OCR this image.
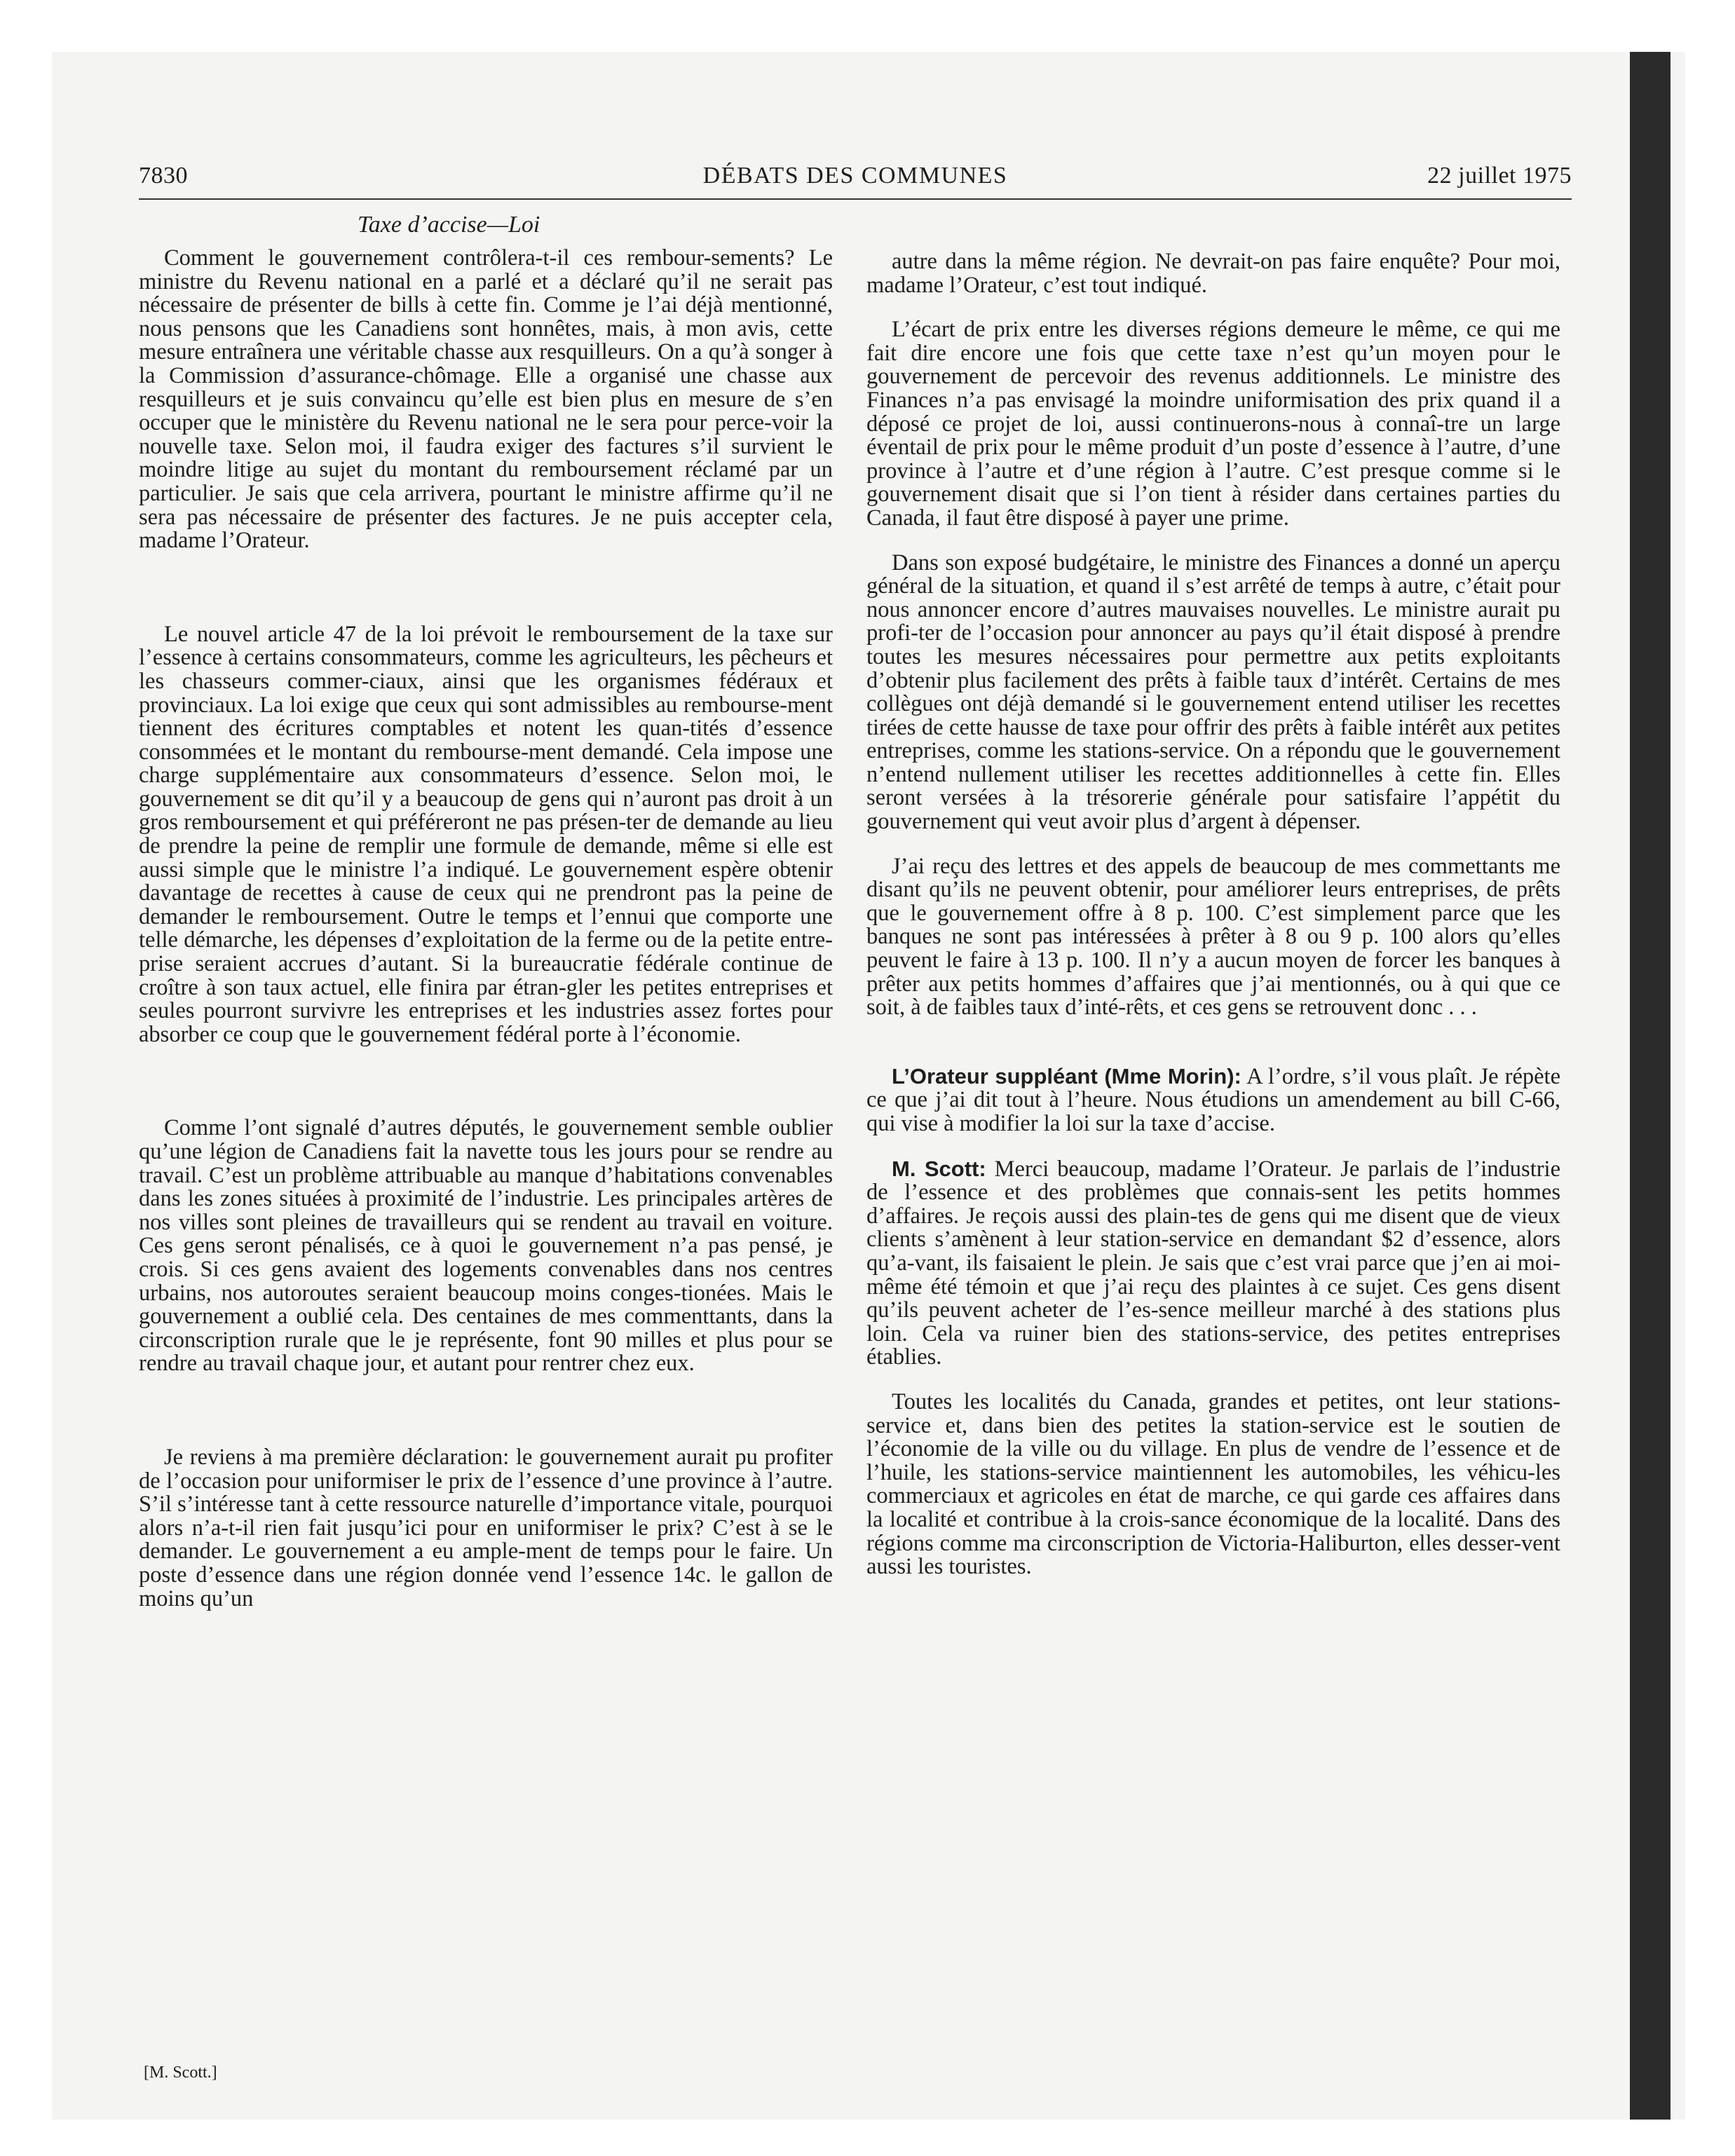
7830	DÉBATS DES COMMUNES	22 juillet 1975
Taxe d’accise—Loi

Comment le gouvernement contrôlera-t-il ces rembour-sements? Le ministre du Revenu national en a parlé et a déclaré qu’il ne serait pas nécessaire de présenter de bills à cette fin. Comme je l’ai déjà mentionné, nous pensons que les Canadiens sont honnêtes, mais, à mon avis, cette mesure entraînera une véritable chasse aux resquilleurs. On a qu’à songer à la Commission d’assurance-chômage. Elle a organisé une chasse aux resquilleurs et je suis convaincu qu’elle est bien plus en mesure de s’en occuper que le ministère du Revenu national ne le sera pour perce-voir la nouvelle taxe. Selon moi, il faudra exiger des factures s’il survient le moindre litige au sujet du montant du remboursement réclamé par un particulier. Je sais que cela arrivera, pourtant le ministre affirme qu’il ne sera pas nécessaire de présenter des factures. Je ne puis accepter cela, madame l’Orateur.

Le nouvel article 47 de la loi prévoit le remboursement de la taxe sur l’essence à certains consommateurs, comme les agriculteurs, les pêcheurs et les chasseurs commer-ciaux, ainsi que les organismes fédéraux et provinciaux. La loi exige que ceux qui sont admissibles au rembourse-ment tiennent des écritures comptables et notent les quan-tités d’essence consommées et le montant du rembourse-ment demandé. Cela impose une charge supplémentaire aux consommateurs d’essence. Selon moi, le gouvernement se dit qu’il y a beaucoup de gens qui n’auront pas droit à un gros remboursement et qui préféreront ne pas présen-ter de demande au lieu de prendre la peine de remplir une formule de demande, même si elle est aussi simple que le ministre l’a indiqué. Le gouvernement espère obtenir davantage de recettes à cause de ceux qui ne prendront pas la peine de demander le remboursement. Outre le temps et l’ennui que comporte une telle démarche, les dépenses d’exploitation de la ferme ou de la petite entre-prise seraient accrues d’autant. Si la bureaucratie fédérale continue de croître à son taux actuel, elle finira par étran-gler les petites entreprises et seules pourront survivre les entreprises et les industries assez fortes pour absorber ce coup que le gouvernement fédéral porte à l’économie.

Comme l’ont signalé d’autres députés, le gouvernement semble oublier qu’une légion de Canadiens fait la navette tous les jours pour se rendre au travail. C’est un problème attribuable au manque d’habitations convenables dans les zones situées à proximité de l’industrie. Les principales artères de nos villes sont pleines de travailleurs qui se rendent au travail en voiture. Ces gens seront pénalisés, ce à quoi le gouvernement n’a pas pensé, je crois. Si ces gens avaient des logements convenables dans nos centres urbains, nos autoroutes seraient beaucoup moins conges-tionées. Mais le gouvernement a oublié cela. Des centaines de mes commenttants, dans la circonscription rurale que le je représente, font 90 milles et plus pour se rendre au travail chaque jour, et autant pour rentrer chez eux.

Je reviens à ma première déclaration: le gouvernement aurait pu profiter de l’occasion pour uniformiser le prix de l’essence d’une province à l’autre. S’il s’intéresse tant à cette ressource naturelle d’importance vitale, pourquoi alors n’a-t-il rien fait jusqu’ici pour en uniformiser le prix? C’est à se le demander. Le gouvernement a eu ample-ment de temps pour le faire. Un poste d’essence dans une région donnée vend l’essence 14c. le gallon de moins qu’un

autre dans la même région. Ne devrait-on pas faire enquête? Pour moi, madame l’Orateur, c’est tout indiqué.

L’écart de prix entre les diverses régions demeure le même, ce qui me fait dire encore une fois que cette taxe n’est qu’un moyen pour le gouvernement de percevoir des revenus additionnels. Le ministre des Finances n’a pas envisagé la moindre uniformisation des prix quand il a déposé ce projet de loi, aussi continuerons-nous à connaî-tre un large éventail de prix pour le même produit d’un poste d’essence à l’autre, d’une province à l’autre et d’une région à l’autre. C’est presque comme si le gouvernement disait que si l’on tient à résider dans certaines parties du Canada, il faut être disposé à payer une prime.

Dans son exposé budgétaire, le ministre des Finances a donné un aperçu général de la situation, et quand il s’est arrêté de temps à autre, c’était pour nous annoncer encore d’autres mauvaises nouvelles. Le ministre aurait pu profi-ter de l’occasion pour annoncer au pays qu’il était disposé à prendre toutes les mesures nécessaires pour permettre aux petits exploitants d’obtenir plus facilement des prêts à faible taux d’intérêt. Certains de mes collègues ont déjà demandé si le gouvernement entend utiliser les recettes tirées de cette hausse de taxe pour offrir des prêts à faible intérêt aux petites entreprises, comme les stations-service. On a répondu que le gouvernement n’entend nullement utiliser les recettes additionnelles à cette fin. Elles seront versées à la trésorerie générale pour satisfaire l’appétit du gouvernement qui veut avoir plus d’argent à dépenser.

J’ai reçu des lettres et des appels de beaucoup de mes commettants me disant qu’ils ne peuvent obtenir, pour améliorer leurs entreprises, de prêts que le gouvernement offre à 8 p. 100. C’est simplement parce que les banques ne sont pas intéressées à prêter à 8 ou 9 p. 100 alors qu’elles peuvent le faire à 13 p. 100. Il n’y a aucun moyen de forcer les banques à prêter aux petits hommes d’affaires que j’ai mentionnés, ou à qui que ce soit, à de faibles taux d’inté-rêts, et ces gens se retrouvent donc . . .

L’Orateur suppléant (Mme Morin): A l’ordre, s’il vous plaît. Je répète ce que j’ai dit tout à l’heure. Nous étudions un amendement au bill C-66, qui vise à modifier la loi sur la taxe d’accise.

M. Scott: Merci beaucoup, madame l’Orateur. Je parlais de l’industrie de l’essence et des problèmes que connais-sent les petits hommes d’affaires. Je reçois aussi des plain-tes de gens qui me disent que de vieux clients s’amènent à leur station-service en demandant $2 d’essence, alors qu’a-vant, ils faisaient le plein. Je sais que c’est vrai parce que j’en ai moi-même été témoin et que j’ai reçu des plaintes à ce sujet. Ces gens disent qu’ils peuvent acheter de l’es-sence meilleur marché à des stations plus loin. Cela va ruiner bien des stations-service, des petites entreprises établies.

Toutes les localités du Canada, grandes et petites, ont leur stations-service et, dans bien des petites la station-service est le soutien de l’économie de la ville ou du village. En plus de vendre de l’essence et de l’huile, les stations-service maintiennent les automobiles, les véhicu-les commerciaux et agricoles en état de marche, ce qui garde ces affaires dans la localité et contribue à la crois-sance économique de la localité. Dans des régions comme ma circonscription de Victoria-Haliburton, elles desser-vent aussi les touristes.

[M. Scott.]
